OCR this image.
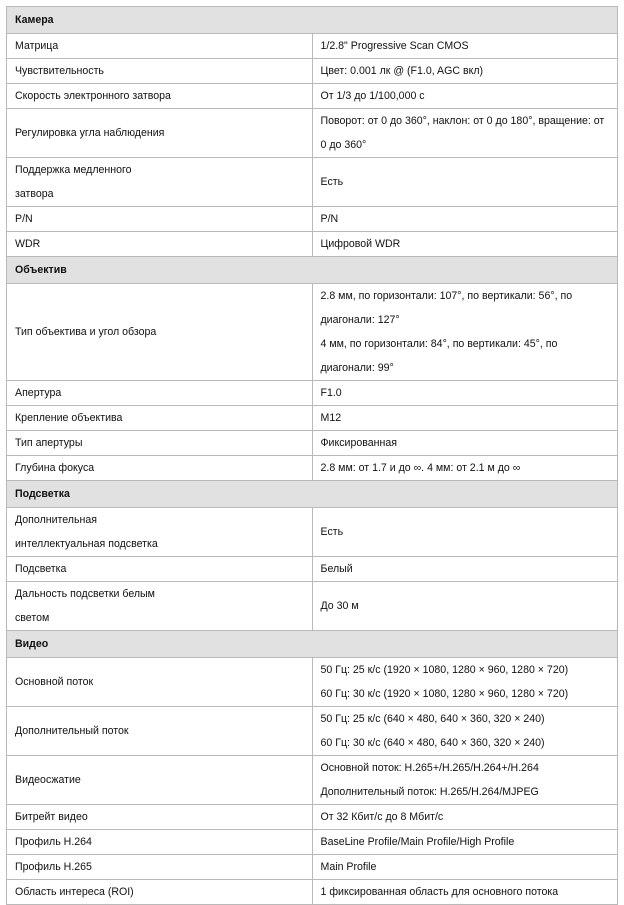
Камера	

Матрица	1/2.8" Progressive Scan CMOS

Чувствительность	Цвет: 0.001 лк @ (F1.0, AGC вкл)

Скорость электронного затвора	От 1/3 до 1/100,000 с

Регулировка угла наблюдения	Поворот: от 0 до 360°, наклон: от 0 до 180°, вращение: от 0 до 360°

Поддержка медленного
затвора	Есть

P/N	P/N

WDR	Цифровой WDR

Объектив	

Тип объектива и угол обзора	2.8 мм, по горизонтали: 107°, по вертикали: 56°, по диагонали: 127°
4 мм, по горизонтали: 84°, по вертикали: 45°, по диагонали: 99°

Апертура	F1.0

Крепление объектива	M12

Тип апертуры	Фиксированная

Глубина фокуса	2.8 мм: от 1.7 и до ∞. 4 мм: от 2.1 м до ∞

Подсветка	

Дополнительная
интеллектуальная подсветка	Есть

Подсветка	Белый

Дальность подсветки белым
светом	До 30 м

Видео	

Основной поток	50 Гц: 25 к/с (1920 × 1080, 1280 × 960, 1280 × 720)
60 Гц: 30 к/с (1920 × 1080, 1280 × 960, 1280 × 720)

Дополнительный поток	50 Гц: 25 к/с (640 × 480, 640 × 360, 320 × 240)
60 Гц: 30 к/с (640 × 480, 640 × 360, 320 × 240)

Видеосжатие	Основной поток: H.265+/H.265/H.264+/H.264
Дополнительный поток: H.265/H.264/MJPEG

Битрейт видео	От 32 Кбит/с до 8 Мбит/с

Профиль H.264	BaseLine Profile/Main Profile/High Profile

Профиль H.265	Main Profile

Область интереса (ROI)	1 фиксированная область для основного потока
